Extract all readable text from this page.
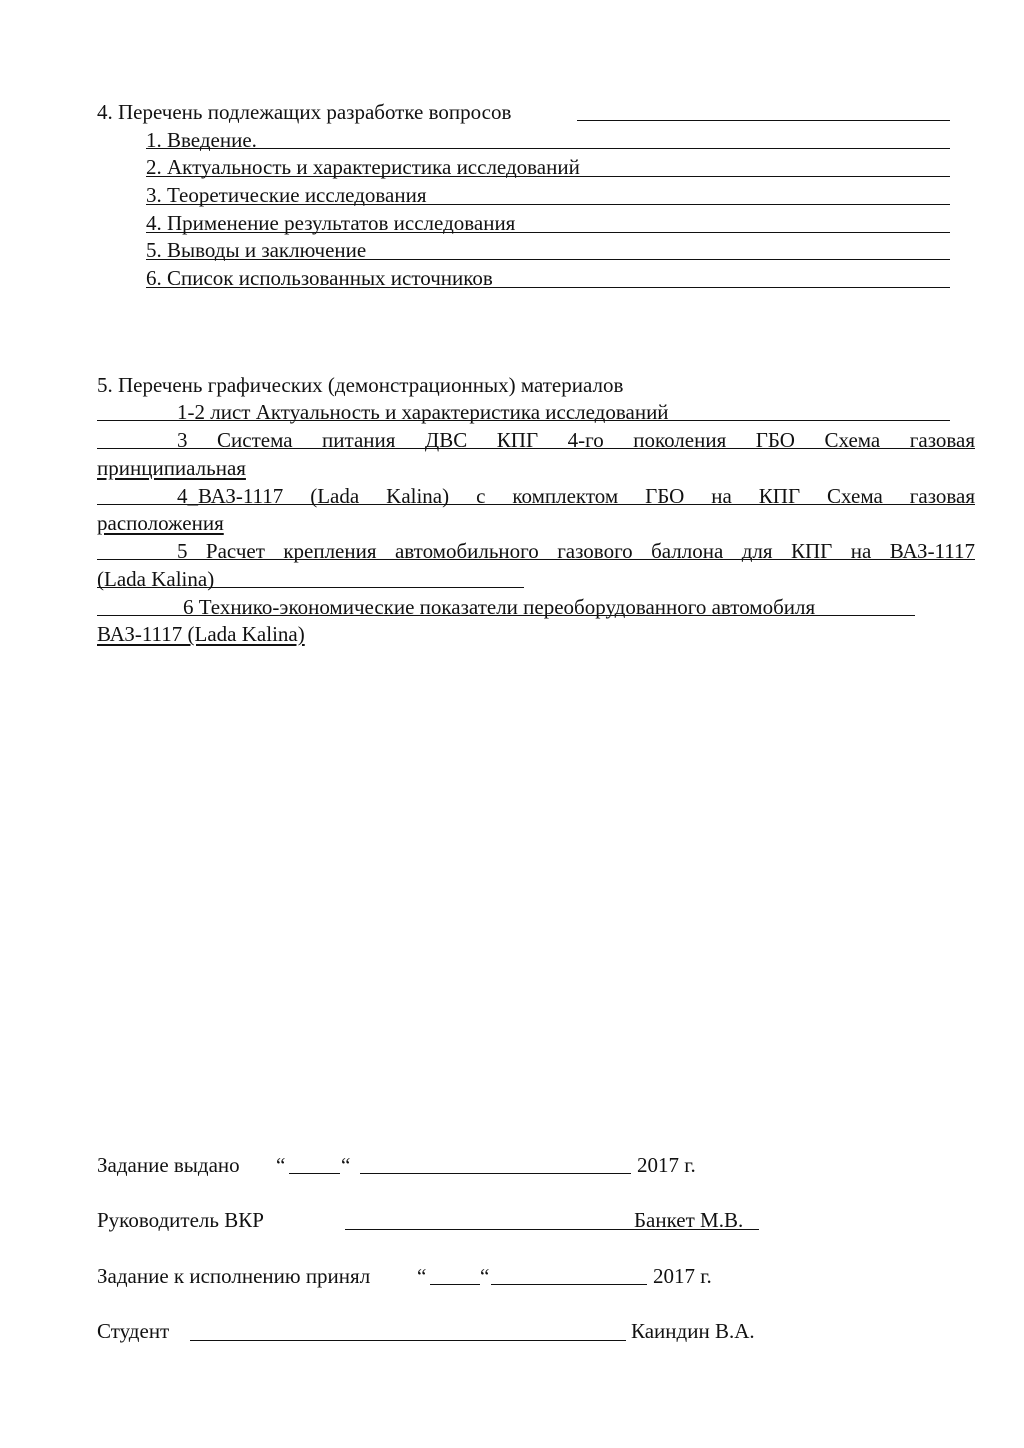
4. Перечень подлежащих разработке вопросов
1. Введение.
2. Актуальность и характеристика исследований
3. Теоретические исследования
4. Применение результатов исследования
5. Выводы и заключение
6. Список использованных источников
5. Перечень графических (демонстрационных) материалов
1-2 лист Актуальность и характеристика исследований
3 Система питания ДВС КПГ 4-го поколения ГБО Схема газовая
принципиальная
4_ВАЗ-1117 (Lada Kalina) с комплектом ГБО на КПГ Схема газовая
расположения
5 Расчет крепления автомобильного газового баллона для КПГ на ВАЗ-1117
(Lada Kalina)
6 Технико-экономические показатели переоборудованного автомобиля
ВАЗ-1117 (Lada Kalina)
Задание выдано “	“	2017 г.
Руководитель ВКР	Банкет М.В.
Задание к исполнению принял “	“	2017 г.
Студент	Каиндин В.А.
